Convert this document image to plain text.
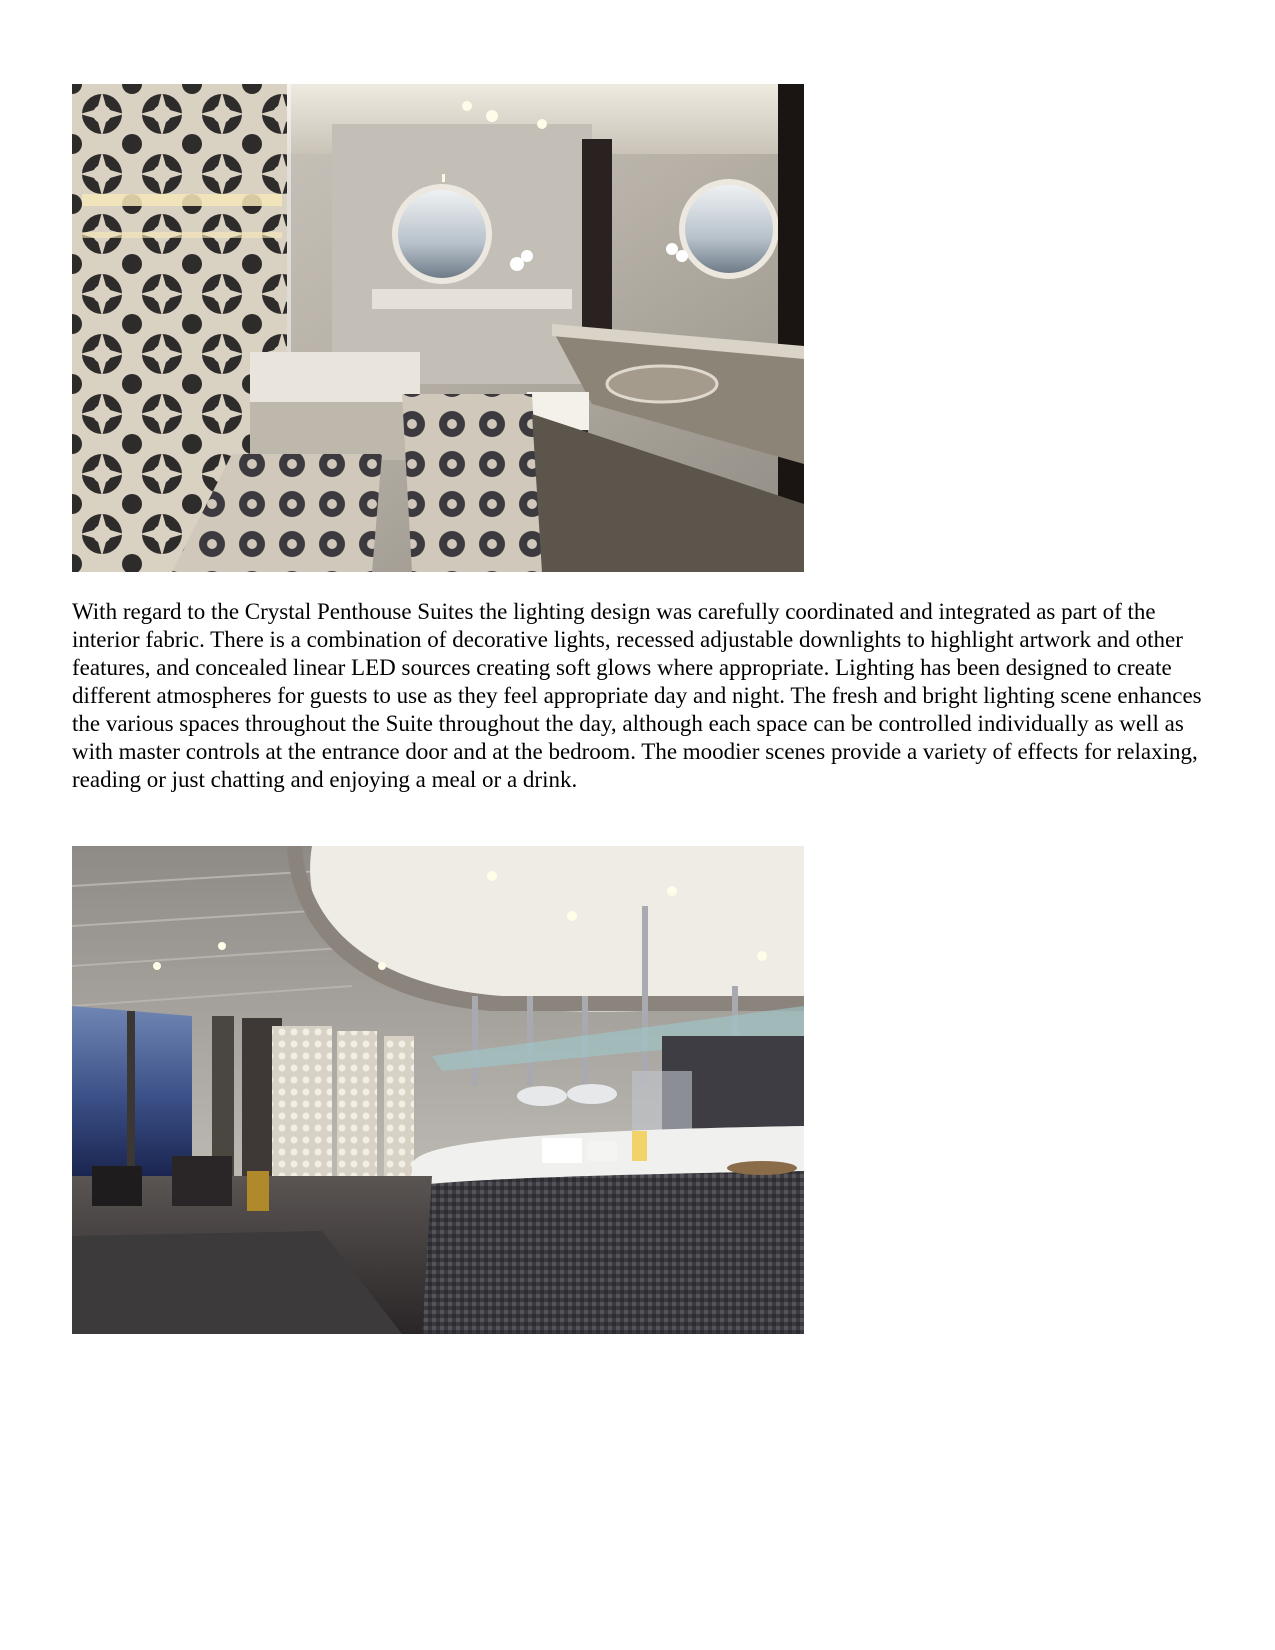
With regard to the Crystal Penthouse Suites the lighting design was carefully coordinated and integrated as part of the interior fabric. There is a combination of decorative lights, recessed adjustable downlights to highlight artwork and other features, and concealed linear LED sources creating soft glows where appropriate. Lighting has been designed to create different atmospheres for guests to use as they feel appropriate day and night. The fresh and bright lighting scene enhances the various spaces throughout the Suite throughout the day, although each space can be controlled individually as well as with master controls at the entrance door and at the bedroom. The moodier scenes provide a variety of effects for relaxing, reading or just chatting and enjoying a meal or a drink.
